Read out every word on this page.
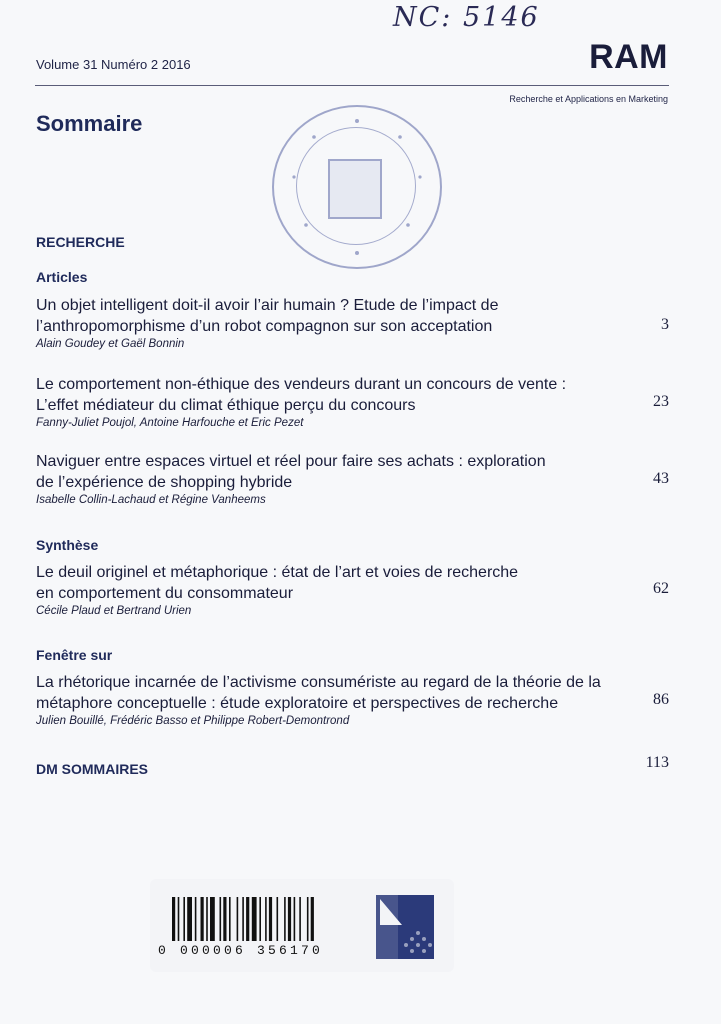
NC: 5146
Volume 31 Numéro 2 2016	RAM
Recherche et Applications en Marketing
Sommaire
RECHERCHE
Articles
Un objet intelligent doit-il avoir l’air humain ? Etude de l’impact de
l’anthropomorphisme d’un robot compagnon sur son acceptation
Alain Goudey et Gaël Bonnin
3
Le comportement non-éthique des vendeurs durant un concours de vente :
L’effet médiateur du climat éthique perçu du concours
Fanny-Juliet Poujol, Antoine Harfouche et Eric Pezet
23
Naviguer entre espaces virtuel et réel pour faire ses achats : exploration
de l’expérience de shopping hybride
Isabelle Collin-Lachaud et Régine Vanheems
43
Synthèse
Le deuil originel et métaphorique : état de l’art et voies de recherche
en comportement du consommateur
Cécile Plaud et Bertrand Urien
62
Fenêtre sur
La rhétorique incarnée de l’activisme consumériste au regard de la théorie de la
métaphore conceptuelle : étude exploratoire et perspectives de recherche
Julien Bouillé, Frédéric Basso et Philippe Robert-Demontrond
86
DM SOMMAIRES	113
0 000006 356170
